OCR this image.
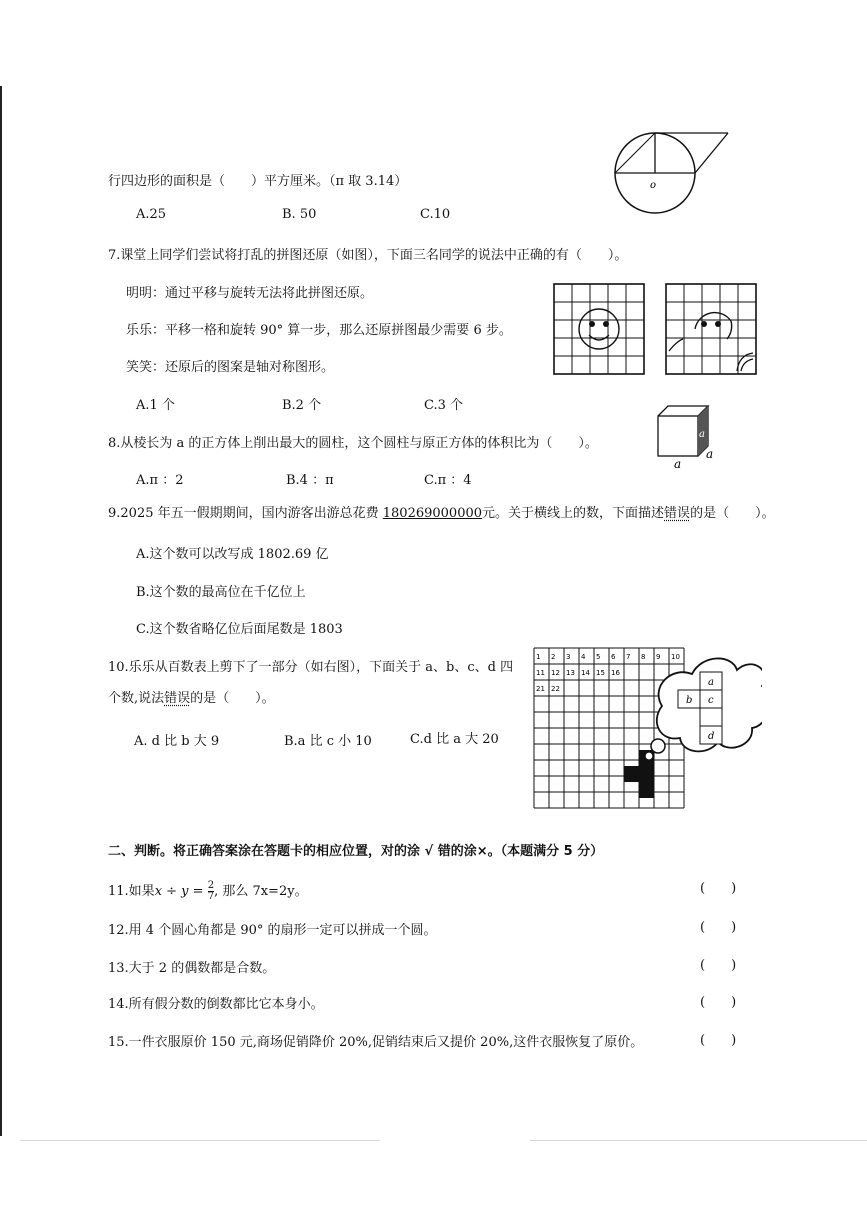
行四边形的面积是（　　）平方厘米。（π 取 3.14）
A.25	B. 50	C.10
o
7.课堂上同学们尝试将打乱的拼图还原（如图），下面三名同学的说法中正确的有（　　）。
明明：通过平移与旋转无法将此拼图还原。
乐乐：平移一格和旋转 90° 算一步，那么还原拼图最少需要 6 步。
笑笑：还原后的图案是轴对称图形。
A.1 个	B.2 个	C.3 个
8.从棱长为 a 的正方体上削出最大的圆柱，这个圆柱与原正方体的体积比为（　　）。
A.π ：2	B.4 ：π	C.π ：4
a
a
a
9.2025 年五一假期期间，国内游客出游总花费 180269000000元。关于横线上的数，下面描述错误的是（　　）。
A.这个数可以改写成 1802.69 亿
B.这个数的最高位在千亿位上
C.这个数省略亿位后面尾数是 1803
10.乐乐从百数表上剪下了一部分（如右图），下面关于 a、b、c、d 四
个数,说法错误的是（　　）。
A. d 比 b 大 9	B.a 比 c 小 10	C.d 比 a 大 20
1 2 3 4 5 6 7 8 9 10
11 12 13 14 15 16
21 22
a
b c
d
二、判断。将正确答案涂在答题卡的相应位置，对的涂 √ 错的涂×。（本题满分 5 分）
11.如果$x \div y = \frac{2}{7}$ , 那么 7x=2y。	(　　)
12.用 4 个圆心角都是 90° 的扇形一定可以拼成一个圆。	(　　)
13.大于 2 的偶数都是合数。	(　　)
14.所有假分数的倒数都比它本身小。	(　　)
15.一件衣服原价 150 元,商场促销降价 20%,促销结束后又提价 20%,这件衣服恢复了原价。	(　　)
